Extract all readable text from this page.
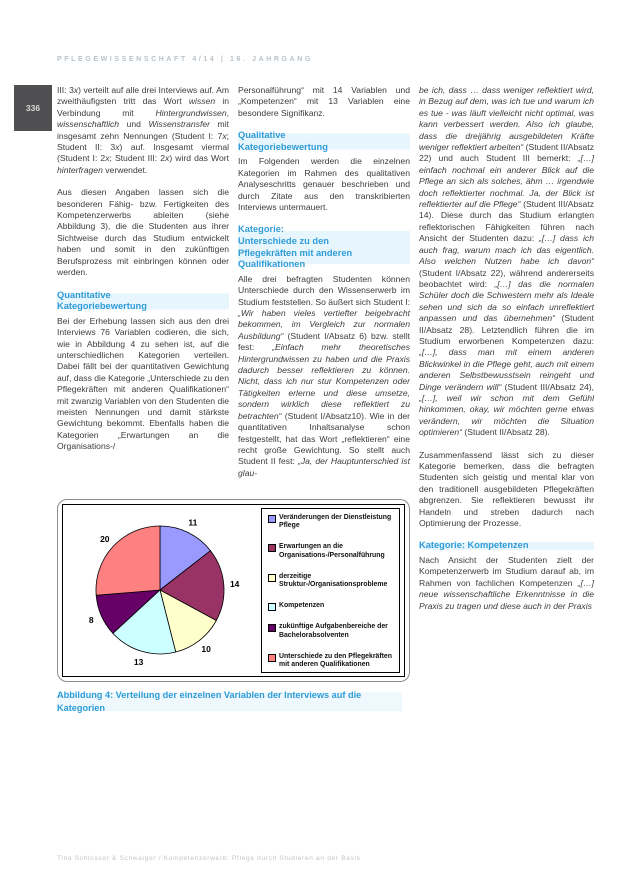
PFLEGEWISSENSCHAFT 4/14 | 16. JAHRGANG
336

III: 3x) verteilt auf alle drei Interviews auf. Am zweithäufigsten tritt das Wort wissen in Verbindung mit Hintergrundwissen, wissenschaftlich und Wissenstransfer mit insgesamt zehn Nennungen (Student I: 7x; Student II: 3x) auf. Insgesamt viermal (Student I: 2x; Student III: 2x) wird das Wort hinterfragen verwendet.

Aus diesen Angaben lassen sich die besonderen Fähig- bzw. Fertigkeiten des Kompetenzerwerbs ableiten (siehe Abbildung 3), die die Studenten aus ihrer Sichtweise durch das Studium entwickelt haben und somit in den zukünftigen Berufsprozess mit einbringen können oder werden.

Quantitative
Kategoriebewertung

Bei der Erhebung lassen sich aus den drei Interviews 76 Variablen codieren, die sich, wie in Abbildung 4 zu sehen ist, auf die unterschiedlichen Kategorien verteilen. Dabei fällt bei der quantitativen Gewichtung auf, dass die Kategorie „Unterschiede zu den Pflegekräften mit anderen Qualifikationen“ mit zwanzig Variablen von den Studenten die meisten Nennungen und damit stärkste Gewichtung bekommt. Ebenfalls haben die Kategorien „Erwartungen an die Organisations-/

Personalführung“ mit 14 Variablen und „Kompetenzen“ mit 13 Variablen eine besondere Signifikanz.

Qualitative
Kategoriebewertung

Im Folgenden werden die einzelnen Kategorien im Rahmen des qualitativen Analyseschritts genauer beschrieben und durch Zitate aus den transkribierten Interviews untermauert.

Kategorie:
Unterschiede zu den
Pflegekräften mit anderen
Qualifikationen

Alle drei befragten Studenten können Unterschiede durch den Wissenserwerb im Studium feststellen. So äußert sich Student I: „Wir haben vieles vertiefter beigebracht bekommen, im Vergleich zur normalen Ausbildung“ (Student I/Absatz 6) bzw. stellt fest: „Einfach mehr theoretisches Hintergrundwissen zu haben und die Praxis dadurch besser reflektieren zu können. Nicht, dass ich nur stur Kompetenzen oder Tätigkeiten erlerne und diese umsetze, sondern wirklich diese reflektiert zu betrachten“ (Student I/Absatz10). Wie in der quantitativen Inhaltsanalyse schon festgestellt, hat das Wort „reflektieren“ eine recht große Gewichtung. So stellt auch Student II fest: „Ja, der Hauptunterschied ist glau-

11
14
10
13
8
20
Veränderungen der Dienstleistung Pflege
Erwartungen an die Organisations-/Personalführung
derzeitige Struktur-/Organisationsprobleme
Kompetenzen
zukünftige Aufgabenbereiche der Bachelorabsolventen
Unterschiede zu den Pflegekräften mit anderen Qualifikationen
Abbildung 4: Verteilung der einzelnen Variablen der Interviews auf die Kategorien

be ich, dass … dass weniger reflektiert wird, in Bezug auf dem, was ich tue und warum ich es tue - was läuft vielleicht nicht optimal, was kann verbessert werden. Also ich glaube, dass die dreijährig ausgebildeten Kräfte weniger reflektiert arbeiten“ (Student II/Absatz 22) und auch Student III bemerkt: „[…] einfach nochmal ein anderer Blick auf die Pflege an sich als solches, ähm … irgendwie doch reflektierter nochmal. Ja, der Blick ist reflektierter auf die Pflege“ (Student III/Absatz 14). Diese durch das Studium erlangten reflektorischen Fähigkeiten führen nach Ansicht der Studenten dazu: „[…] dass ich auch frag, warum mach ich das eigentlich. Also welchen Nutzen habe ich davon“ (Student I/Absatz 22), während andererseits beobachtet wird: „[…] das die normalen Schüler doch die Schwestern mehr als Ideale sehen und sich da so einfach unreflektiert anpassen und das übernehmen“ (Student II/Absatz 28). Letztendlich führen die im Studium erworbenen Kompetenzen dazu: „[…], dass man mit einem anderen Blickwinkel in die Pflege geht, auch mit einem anderen Selbstbewusstsein reingeht und Dinge verändern will“ (Student III/Absatz 24), „[…], weil wir schon mit dem Gefühl hinkommen, okay, wir möchten gerne etwas verändern, wir möchten die Situation optimieren“ (Student II/Absatz 28).

Zusammenfassend lässt sich zu dieser Kategorie bemerken, dass die befragten Studenten sich geistig und mental klar von den traditionell ausgebildeten Pflegekräften abgrenzen. Sie reflektieren bewusst ihr Handeln und streben dadurch nach Optimierung der Prozesse.

Kategorie: Kompetenzen

Nach Ansicht der Studenten zielt der Kompetenzerwerb im Studium darauf ab, im Rahmen von fachlichen Kompetenzen „[…] neue wissenschaftliche Erkenntnisse in die Praxis zu tragen und diese auch in der Praxis

Tina Schlosser & Schwaiger / Kompetenzerwerb: Pflege durch Studieren an der Basis
